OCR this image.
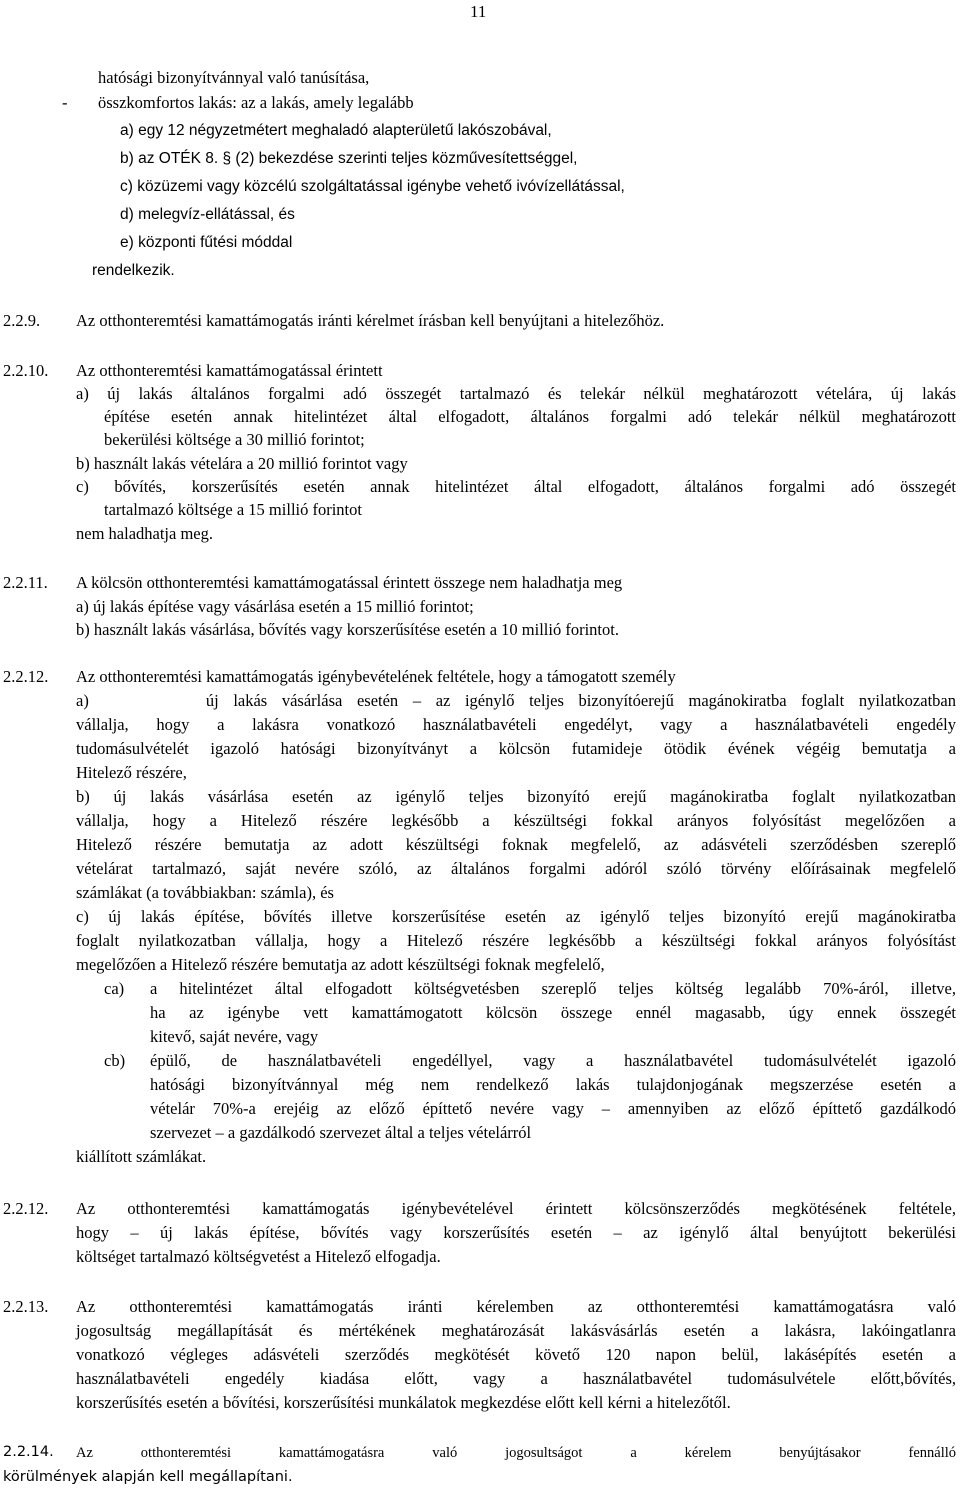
11
hatósági bizonyítvánnyal való tanúsítása,
- összkomfortos lakás: az a lakás, amely legalább
a) egy 12 négyzetmétert meghaladó alapterületű lakószobával,
b) az OTÉK 8. § (2) bekezdése szerinti teljes közművesítettséggel,
c) közüzemi vagy közcélú szolgáltatással igénybe vehető ivóvízellátással,
d) melegvíz-ellátással, és
e) központi fűtési móddal
rendelkezik.
2.2.9. Az otthonteremtési kamattámogatás iránti kérelmet írásban kell benyújtani a hitelezőhöz.
2.2.10. Az otthonteremtési kamattámogatással érintett
a) új lakás általános forgalmi adó összegét tartalmazó és telekár nélkül meghatározott vételára, új lakás
építése esetén annak hitelintézet által elfogadott, általános forgalmi adó telekár nélkül meghatározott
bekerülési költsége a 30 millió forintot;
b) használt lakás vételára a 20 millió forintot vagy
c) bővítés, korszerűsítés esetén annak hitelintézet által elfogadott, általános forgalmi adó összegét
tartalmazó költsége a 15 millió forintot
nem haladhatja meg.
2.2.11. A kölcsön otthonteremtési kamattámogatással érintett összege nem haladhatja meg
a) új lakás építése vagy vásárlása esetén a 15 millió forintot;
b) használt lakás vásárlása, bővítés vagy korszerűsítése esetén a 10 millió forintot.
2.2.12. Az otthonteremtési kamattámogatás igénybevételének feltétele, hogy a támogatott személy
a)        új lakás vásárlása esetén – az igénylő teljes bizonyítóerejű magánokiratba foglalt nyilatkozatban
vállalja, hogy a lakásra vonatkozó használatbavételi engedélyt, vagy a használatbavételi engedély
tudomásulvételét igazoló hatósági bizonyítványt a kölcsön futamideje ötödik évének végéig bemutatja a
Hitelező részére,
b) új lakás vásárlása esetén az igénylő teljes bizonyító erejű magánokiratba foglalt nyilatkozatban
vállalja, hogy a Hitelező részére legkésőbb a készültségi fokkal arányos folyósítást megelőzően a
Hitelező részére bemutatja az adott készültségi foknak megfelelő, az adásvételi szerződésben szereplő
vételárat tartalmazó, saját nevére szóló, az általános forgalmi adóról szóló törvény előírásainak megfelelő
számlákat (a továbbiakban: számla), és
c) új lakás építése, bővítés illetve korszerűsítése esetén az igénylő teljes bizonyító erejű magánokiratba
foglalt nyilatkozatban vállalja, hogy a Hitelező részére legkésőbb a készültségi fokkal arányos folyósítást
megelőzően a Hitelező részére bemutatja az adott készültségi foknak megfelelő,
ca) a hitelintézet által elfogadott költségvetésben szereplő teljes költség legalább 70%-áról, illetve,
ha az igénybe vett kamattámogatott kölcsön összege ennél magasabb, úgy ennek összegét
kitevő, saját nevére, vagy
cb) épülő, de használatbavételi engedéllyel, vagy a használatbavétel tudomásulvételét igazoló
hatósági bizonyítvánnyal még nem rendelkező lakás tulajdonjogának megszerzése esetén a
vételár 70%-a erejéig az előző építtető nevére vagy – amennyiben az előző építtető gazdálkodó
szervezet – a gazdálkodó szervezet által a teljes vételárról
kiállított számlákat.
2.2.12. Az otthonteremtési kamattámogatás igénybevételével érintett kölcsönszerződés megkötésének feltétele,
hogy – új lakás építése, bővítés vagy korszerűsítés esetén – az igénylő által benyújtott bekerülési
költséget tartalmazó költségvetést a Hitelező elfogadja.
2.2.13. Az otthonteremtési kamattámogatás iránti kérelemben az otthonteremtési kamattámogatásra való
jogosultság megállapítását és mértékének meghatározását lakásvásárlás esetén a lakásra, lakóingatlanra
vonatkozó végleges adásvételi szerződés megkötését követő 120 napon belül, lakásépítés esetén a
használatbavételi engedély kiadása előtt, vagy a használatbavétel tudomásulvétele előtt,bővítés,
korszerűsítés esetén a bővítési, korszerűsítési munkálatok megkezdése előtt kell kérni a hitelezőtől.
2.2.14. Az otthonteremtési kamattámogatásra való jogosultságot a kérelem benyújtásakor fennálló
körülmények alapján kell megállapítani.
